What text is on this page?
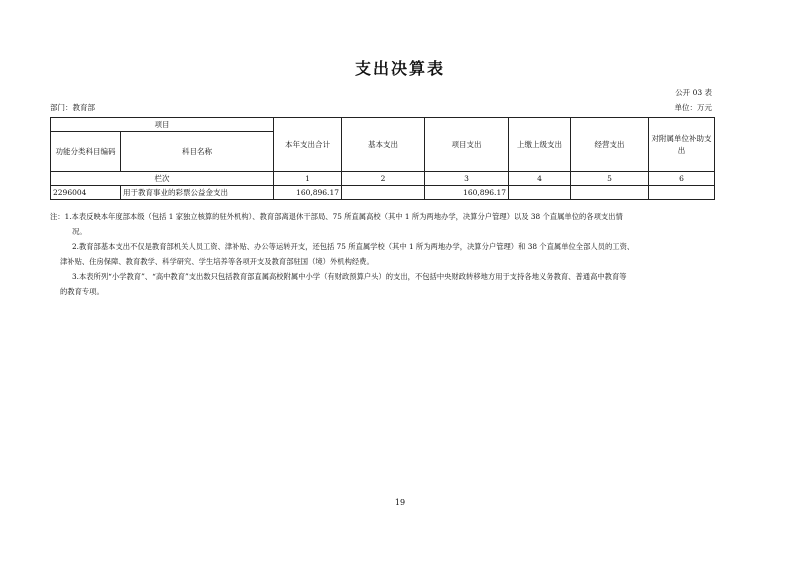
支出决算表
公开 03 表
部门：教育部	单位：万元
项目		本年支出合计	基本支出	项目支出	上缴上级支出	经营支出	对附属单位补助支出
功能分类科目编码	科目名称						
栏次		1	2	3	4	5	6
2296004	用于教育事业的彩票公益金支出	160,896.17		160,896.17			

注：1.本表反映本年度部本级（包括 1 家独立核算的驻外机构）、教育部离退休干部局、75 所直属高校（其中 1 所为两地办学，决算分户管理）以及 38 个直属单位的各项支出情

况。

2.教育部基本支出不仅是教育部机关人员工资、津补贴、办公等运转开支，还包括 75 所直属学校（其中 1 所为两地办学，决算分户管理）和 38 个直属单位全部人员的工资、

津补贴、住房保障、教育教学、科学研究、学生培养等各项开支及教育部驻国（境）外机构经费。

3.本表所列“小学教育”、“高中教育”支出数只包括教育部直属高校附属中小学（有财政预算户头）的支出，不包括中央财政转移地方用于支持各地义务教育、普通高中教育等

的教育专项。

19
